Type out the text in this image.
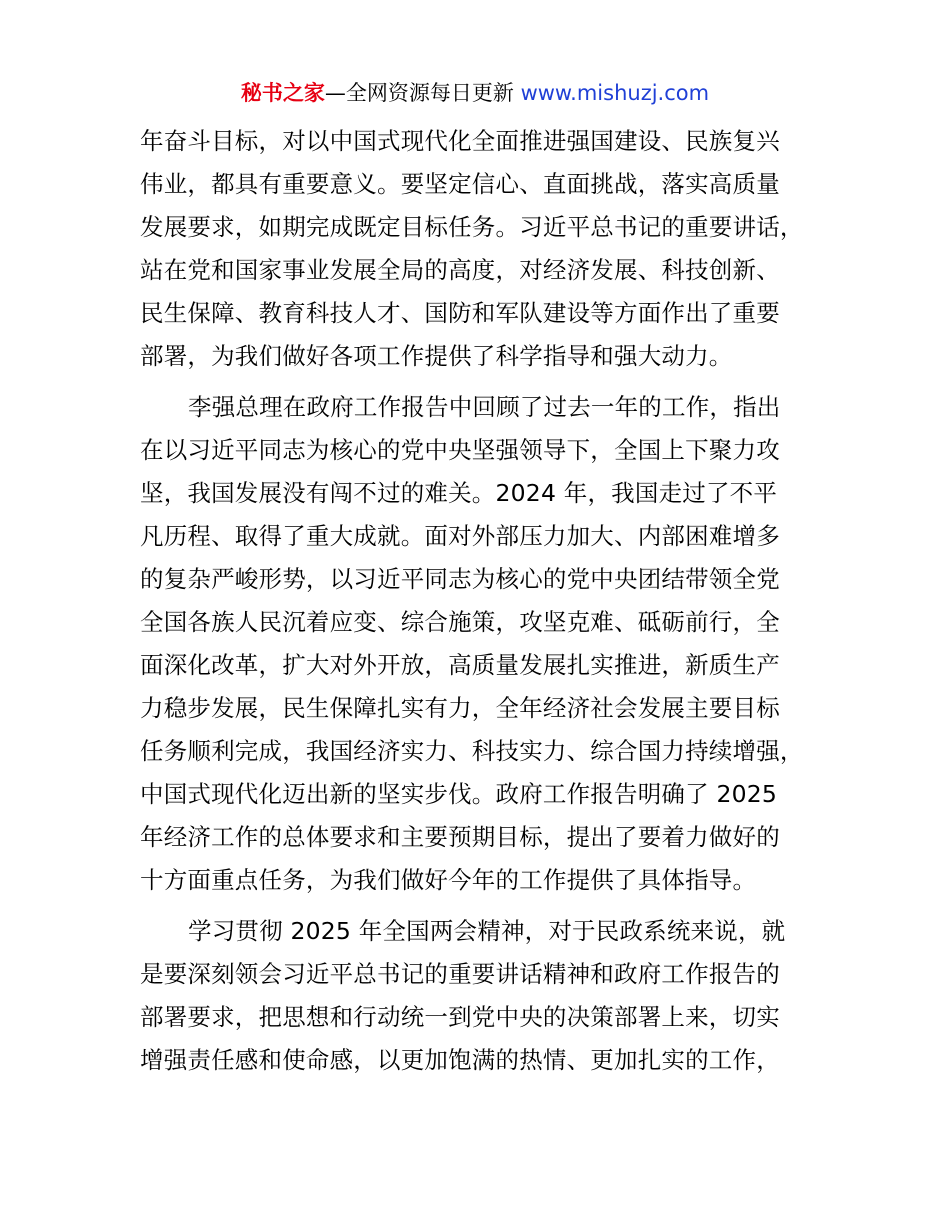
秘书之家—全网资源每日更新 www.mishuzj.com
年奋斗目标，对以中国式现代化全面推进强国建设、民族复兴
伟业，都具有重要意义。要坚定信心、直面挑战，落实高质量
发展要求，如期完成既定目标任务。习近平总书记的重要讲话，
站在党和国家事业发展全局的高度，对经济发展、科技创新、
民生保障、教育科技人才、国防和军队建设等方面作出了重要
部署，为我们做好各项工作提供了科学指导和强大动力。
李强总理在政府工作报告中回顾了过去一年的工作，指出
在以习近平同志为核心的党中央坚强领导下，全国上下聚力攻
坚，我国发展没有闯不过的难关。2024 年，我国走过了不平
凡历程、取得了重大成就。面对外部压力加大、内部困难增多
的复杂严峻形势，以习近平同志为核心的党中央团结带领全党
全国各族人民沉着应变、综合施策，攻坚克难、砥砺前行，全
面深化改革，扩大对外开放，高质量发展扎实推进，新质生产
力稳步发展，民生保障扎实有力，全年经济社会发展主要目标
任务顺利完成，我国经济实力、科技实力、综合国力持续增强，
中国式现代化迈出新的坚实步伐。政府工作报告明确了 2025
年经济工作的总体要求和主要预期目标，提出了要着力做好的
十方面重点任务，为我们做好今年的工作提供了具体指导。
学习贯彻 2025 年全国两会精神，对于民政系统来说，就
是要深刻领会习近平总书记的重要讲话精神和政府工作报告的
部署要求，把思想和行动统一到党中央的决策部署上来，切实
增强责任感和使命感，以更加饱满的热情、更加扎实的工作，
